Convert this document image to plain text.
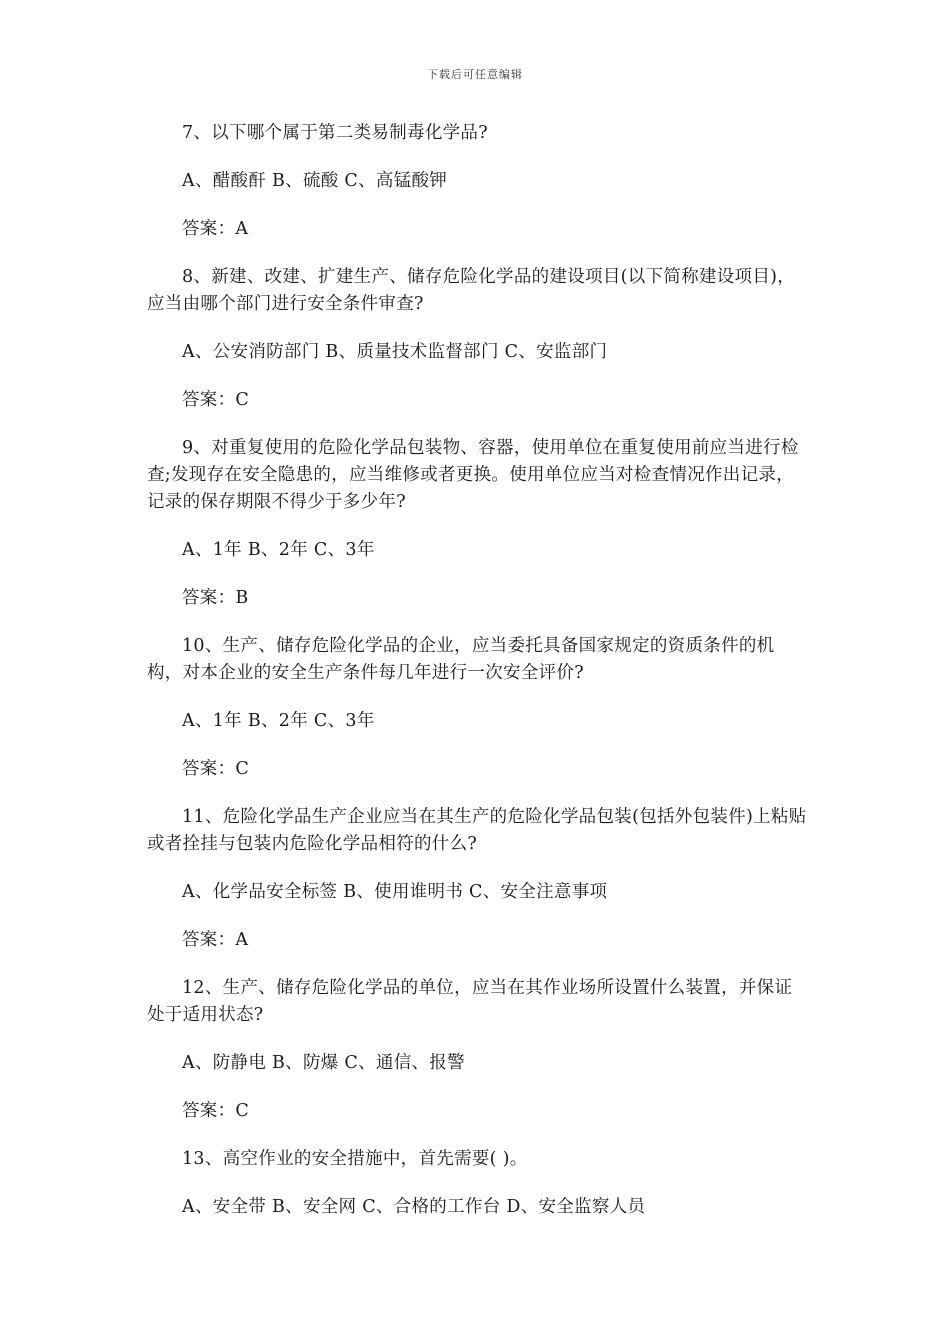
下载后可任意编辑

7、以下哪个属于第二类易制毒化学品?

A、醋酸酐 B、硫酸 C、高锰酸钾

答案：A

8、新建、改建、扩建生产、储存危险化学品的建设项目(以下简称建设项目)，应当由哪个部门进行安全条件审查?

A、公安消防部门 B、质量技术监督部门 C、安监部门

答案：C

9、对重复使用的危险化学品包装物、容器，使用单位在重复使用前应当进行检查;发现存在安全隐患的，应当维修或者更换。使用单位应当对检查情况作出记录，记录的保存期限不得少于多少年?

A、1年 B、2年 C、3年

答案：B

10、生产、储存危险化学品的企业，应当委托具备国家规定的资质条件的机构，对本企业的安全生产条件每几年进行一次安全评价?

A、1年 B、2年 C、3年

答案：C

11、危险化学品生产企业应当在其生产的危险化学品包装(包括外包装件)上粘贴或者拴挂与包装内危险化学品相符的什么?

A、化学品安全标签 B、使用谁明书 C、安全注意事项

答案：A

12、生产、储存危险化学品的单位，应当在其作业场所设置什么装置，并保证处于适用状态?

A、防静电 B、防爆 C、通信、报警

答案：C

13、高空作业的安全措施中，首先需要( )。

A、安全带 B、安全网 C、合格的工作台 D、安全监察人员
